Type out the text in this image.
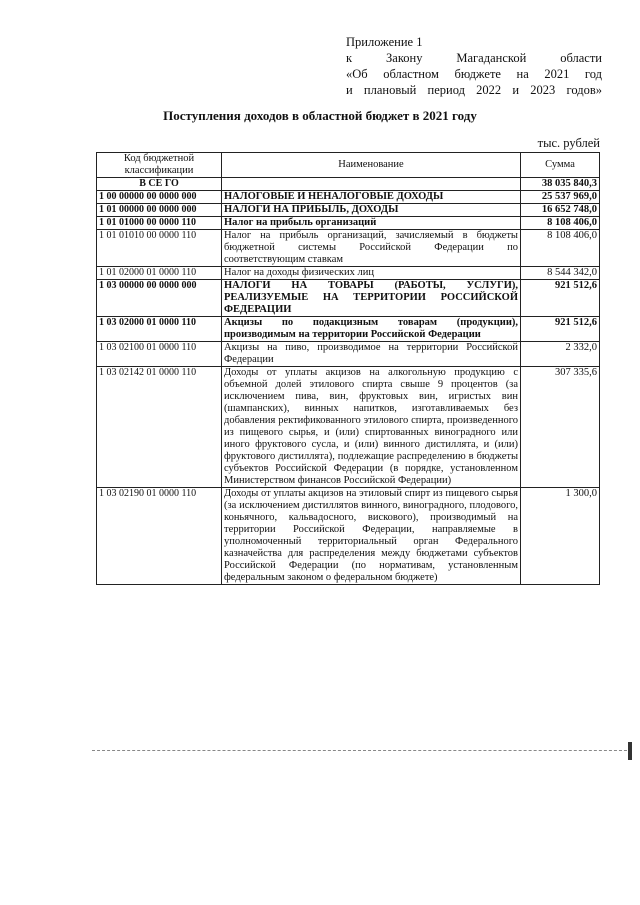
Приложение 1
к Закону Магаданской области
«Об областном бюджете на 2021 год
и плановый период 2022 и 2023 годов»
Поступления доходов в областной бюджет в 2021 году
тыс. рублей
Код бюджетной классификации	Наименование	Сумма
В СЕ ГО		38 035 840,3
1 00 00000 00 0000 000	НАЛОГОВЫЕ И НЕНАЛОГОВЫЕ ДОХОДЫ	25 537 969,0
1 01 00000 00 0000 000	НАЛОГИ НА ПРИБЫЛЬ, ДОХОДЫ	16 652 748,0
1 01 01000 00 0000 110	Налог на прибыль организаций	8 108 406,0
1 01 01010 00 0000 110	Налог на прибыль организаций, зачисляемый в бюджеты бюджетной системы Российской Федерации по соответствующим ставкам	8 108 406,0
1 01 02000 01 0000 110	Налог на доходы физических лиц	8 544 342,0
1 03 00000 00 0000 000	НАЛОГИ НА ТОВАРЫ (РАБОТЫ, УСЛУГИ), РЕАЛИЗУЕМЫЕ НА ТЕРРИТОРИИ РОССИЙСКОЙ ФЕДЕРАЦИИ	921 512,6
1 03 02000 01 0000 110	Акцизы по подакцизным товарам (продукции), производимым на территории Российской Федерации	921 512,6
1 03 02100 01 0000 110	Акцизы на пиво, производимое на территории Российской Федерации	2 332,0
1 03 02142 01 0000 110	Доходы от уплаты акцизов на алкогольную продукцию с объемной долей этилового спирта свыше 9 процентов (за исключением пива, вин, фруктовых вин, игристых вин (шампанских), винных напитков, изготавливаемых без добавления ректификованного этилового спирта, произведенного из пищевого сырья, и (или) спиртованных виноградного или иного фруктового сусла, и (или) винного дистиллята, и (или) фруктового дистиллята), подлежащие распределению в бюджеты субъектов Российской Федерации (в порядке, установленном Министерством финансов Российской Федерации)	307 335,6
1 03 02190 01 0000 110	Доходы от уплаты акцизов на этиловый спирт из пищевого сырья (за исключением дистиллятов винного, виноградного, плодового, коньячного, кальвадосного, вискового), производимый на территории Российской Федерации, направляемые в уполномоченный территориальный орган Федерального казначейства для распределения между бюджетами субъектов Российской Федерации (по нормативам, установленным федеральным законом о федеральном бюджете)	1 300,0
